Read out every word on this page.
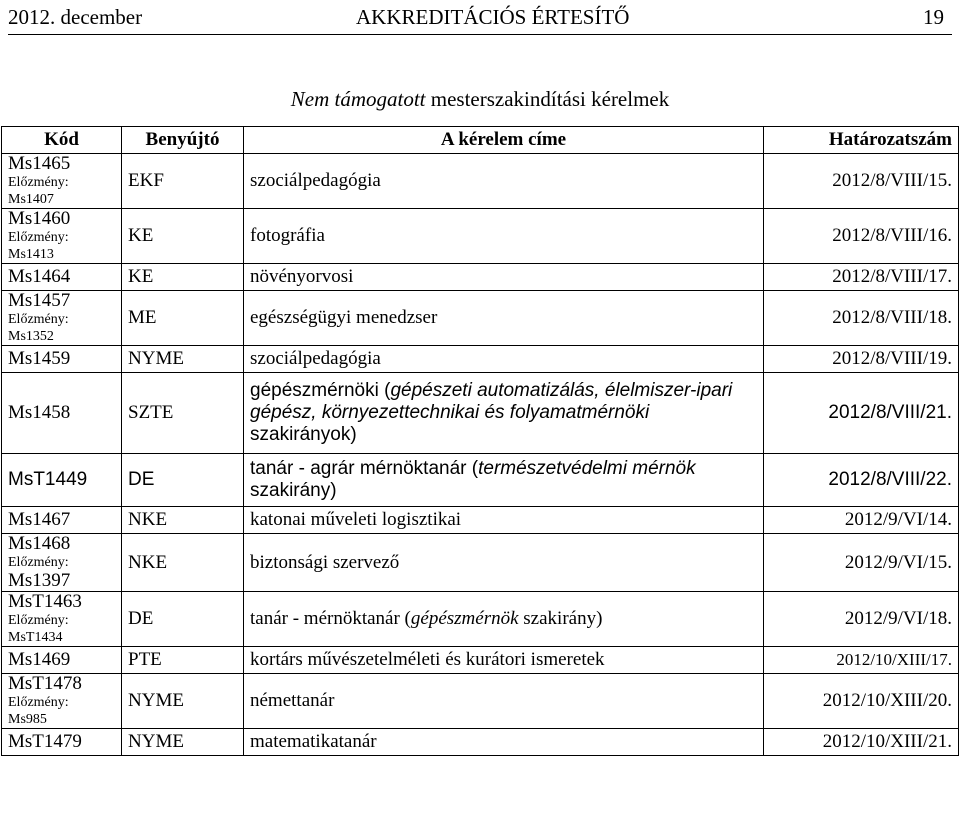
2012. december	AKKREDITÁCIÓS ÉRTESÍTŐ	19
Nem támogatott mesterszakindítási kérelmek
Kód	Benyújtó	A kérelem címe	Határozatszám

Ms1465
Előzmény:
Ms1407	EKF	szociálpedagógia	2012/8/VIII/15.

Ms1460
Előzmény:
Ms1413	KE	fotográfia	2012/8/VIII/16.

Ms1464	KE	növényorvosi	2012/8/VIII/17.

Ms1457
Előzmény:
Ms1352	ME	egészségügyi menedzser	2012/8/VIII/18.

Ms1459	NYME	szociálpedagógia	2012/8/VIII/19.

Ms1458	SZTE	gépészmérnöki (gépészeti automatizálás, élelmiszer-ipari gépész, környezettechnikai és folyamatmérnöki szakirányok)	2012/8/VIII/21.

MsT1449	DE	tanár - agrár mérnöktanár (természetvédelmi mérnök szakirány)	2012/8/VIII/22.

Ms1467	NKE	katonai műveleti logisztikai	2012/9/VI/14.

Ms1468
Előzmény:
Ms1397	NKE	biztonsági szervező	2012/9/VI/15.

MsT1463
Előzmény:
MsT1434	DE	tanár - mérnöktanár (gépészmérnök szakirány)	2012/9/VI/18.

Ms1469	PTE	kortárs művészetelméleti és kurátori ismeretek	2012/10/XIII/17.

MsT1478
Előzmény:
Ms985	NYME	némettanár	2012/10/XIII/20.

MsT1479	NYME	matematikatanár	2012/10/XIII/21.
